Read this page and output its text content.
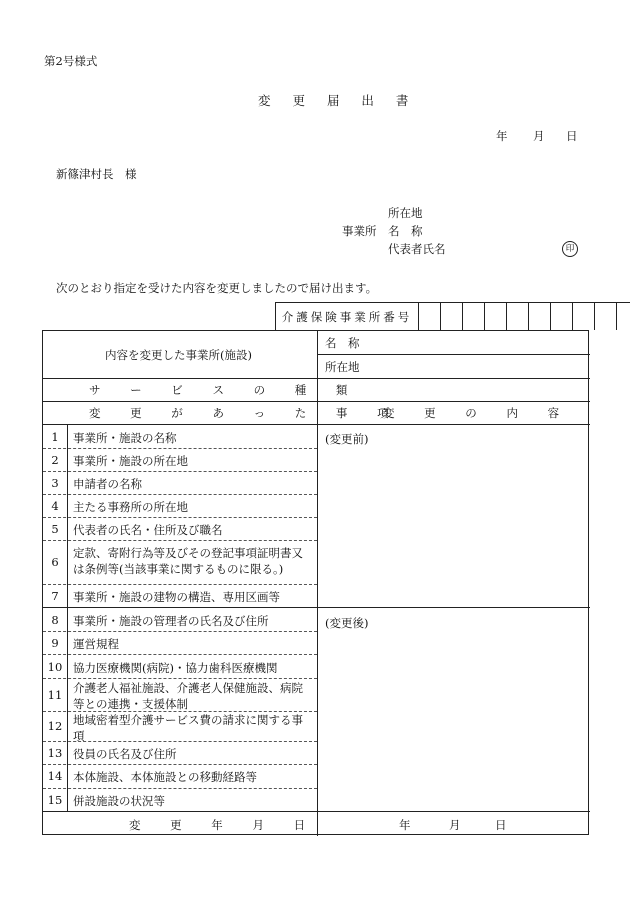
第2号様式
変 更 届 出 書
年 月 日
新篠津村長　様
所在地
事業所 名　称
代表者氏名	印
次のとおり指定を受けた内容を変更しましたので届け出ます。
介護保険事業所番号
内容を変更した事業所(施設)
名　称
所在地
サ ー ビ ス の 種 類
変 更 が あ っ た 事 項
変 更 の 内 容
(変更前)
(変更後)
1	事業所・施設の名称
2	事業所・施設の所在地
3	申請者の名称
4	主たる事務所の所在地
5	代表者の氏名・住所及び職名
6
定款、寄附行為等及びその登記事項証明書又は条例等(当該事業に関するものに限る。)
7	事業所・施設の建物の構造、専用区画等
8	事業所・施設の管理者の氏名及び住所
9	運営規程
10 協力医療機関(病院)・協力歯科医療機関
11 介護老人福祉施設、介護老人保健施設、病院等との連携・支援体制
12 地域密着型介護サービス費の請求に関する事項
13 役員の氏名及び住所
14 本体施設、本体施設との移動経路等
15 併設施設の状況等
変 更 年 月 日	年	月	日
